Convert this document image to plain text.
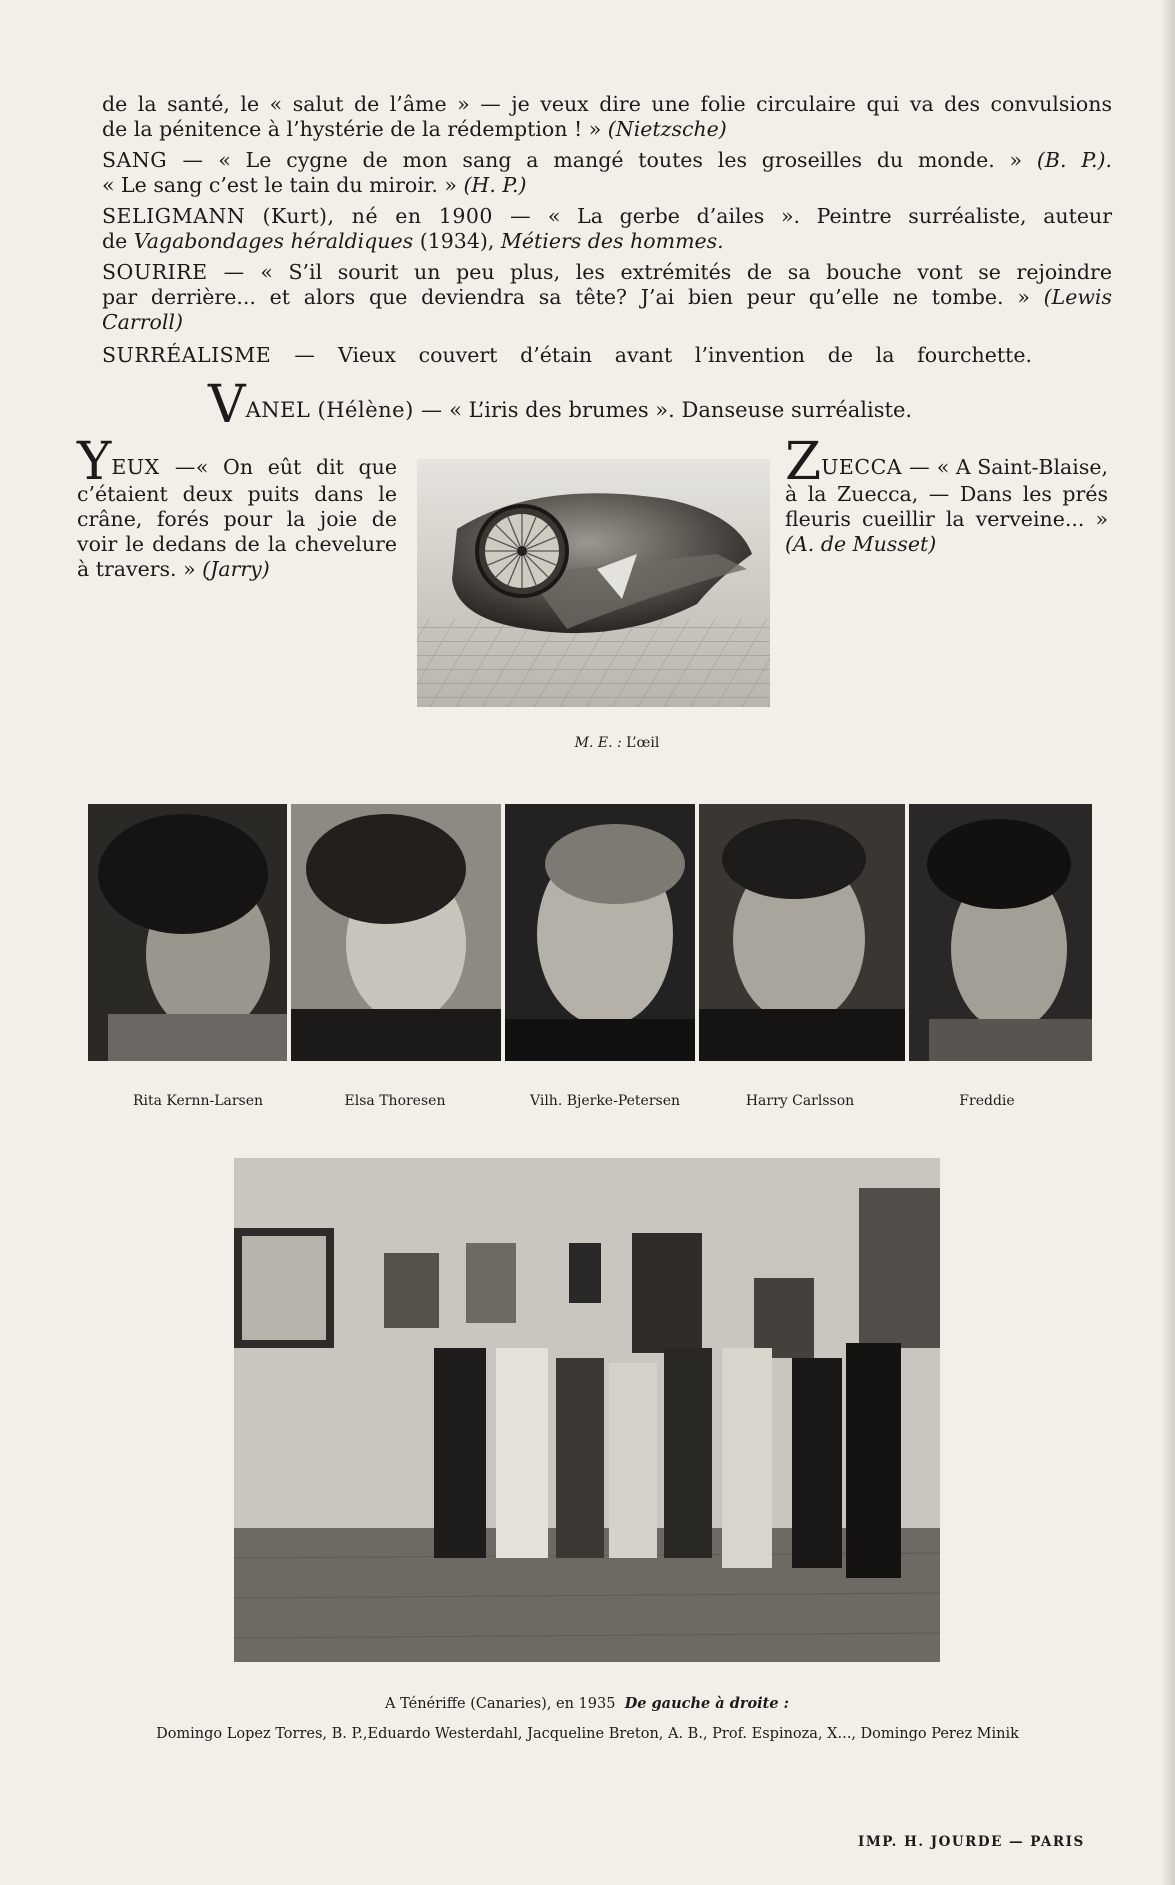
de la santé, le « salut de l’âme » — je veux dire une folie circulaire qui va des convulsions
de la pénitence à l’hystérie de la rédemption ! » (Nietzsche)
SANG — « Le cygne de mon sang a mangé toutes les groseilles du monde. » (B. P.).
« Le sang c’est le tain du miroir. » (H. P.)
SELIGMANN (Kurt), né en 1900 — « La gerbe d’ailes ». Peintre surréaliste, auteur
de Vagabondages héraldiques (1934), Métiers des hommes.
SOURIRE — « S’il sourit un peu plus, les extrémités de sa bouche vont se rejoindre
par derrière... et alors que deviendra sa tête? J’ai bien peur qu’elle ne tombe. » (Lewis
Carroll)
SURRÉALISME — Vieux couvert d’étain avant l’invention de la fourchette.
VANEL (Hélène) — « L’iris des brumes ». Danseuse surréaliste.
YEUX —« On eût dit que c’étaient deux puits dans le crâne, forés pour la joie de voir le dedans de la chevelure à travers. » (Jarry)
ZUECCA — « A Saint-Blaise, à la Zuecca, — Dans les prés fleuris cueillir la verveine... » (A. de Musset)
M. E. : L’œil
Rita Kernn-Larsen	Elsa Thoresen	Vilh. Bjerke-Petersen	Harry Carlsson	Freddie
A Ténériffe (Canaries), en 1935 De gauche à droite :
Domingo Lopez Torres, B. P.,Eduardo Westerdahl, Jacqueline Breton, A. B., Prof. Espinoza, X..., Domingo Perez Minik
IMP. H. JOURDE — PARIS
